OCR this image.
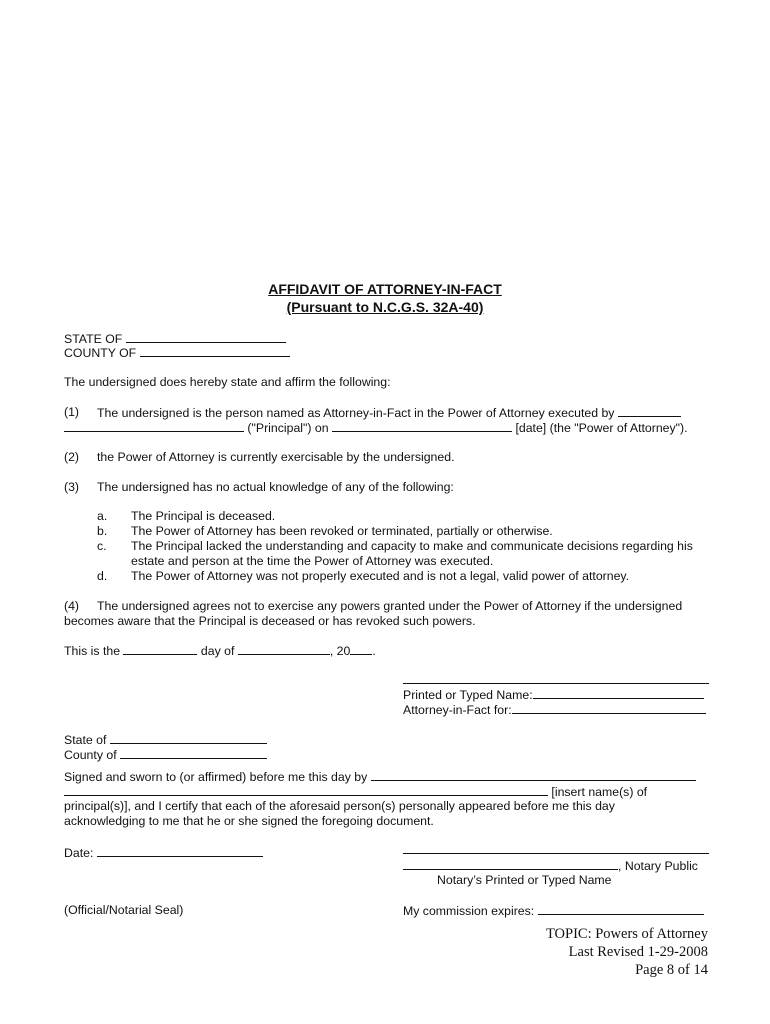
AFFIDAVIT OF ATTORNEY-IN-FACT
(Pursuant to N.C.G.S. 32A-40)
STATE OF
COUNTY OF
The undersigned does hereby state and affirm the following:
(1) The undersigned is the person named as Attorney-in-Fact in the Power of Attorney executed by
("Principal") on	[date] (the "Power of Attorney").
(2) the Power of Attorney is currently exercisable by the undersigned.
(3) The undersigned has no actual knowledge of any of the following:
a. The Principal is deceased.
b. The Power of Attorney has been revoked or terminated, partially or otherwise.
c. The Principal lacked the understanding and capacity to make and communicate decisions regarding his
estate and person at the time the Power of Attorney was executed.
d. The Power of Attorney was not properly executed and is not a legal, valid power of attorney.
(4) The undersigned agrees not to exercise any powers granted under the Power of Attorney if the undersigned
becomes aware that the Principal is deceased or has revoked such powers.
This is the	day of	, 20 .
Printed or Typed Name:
Attorney-in-Fact for:
State of
County of
Signed and sworn to (or affirmed) before me this day by
[insert name(s) of
principal(s)], and I certify that each of the aforesaid person(s) personally appeared before me this day
acknowledging to me that he or she signed the foregoing document.
Date:
, Notary Public
Notary’s Printed or Typed Name
(Official/Notarial Seal)	My commission expires:
TOPIC: Powers of Attorney
Last Revised 1-29-2008
Page 8 of 14
